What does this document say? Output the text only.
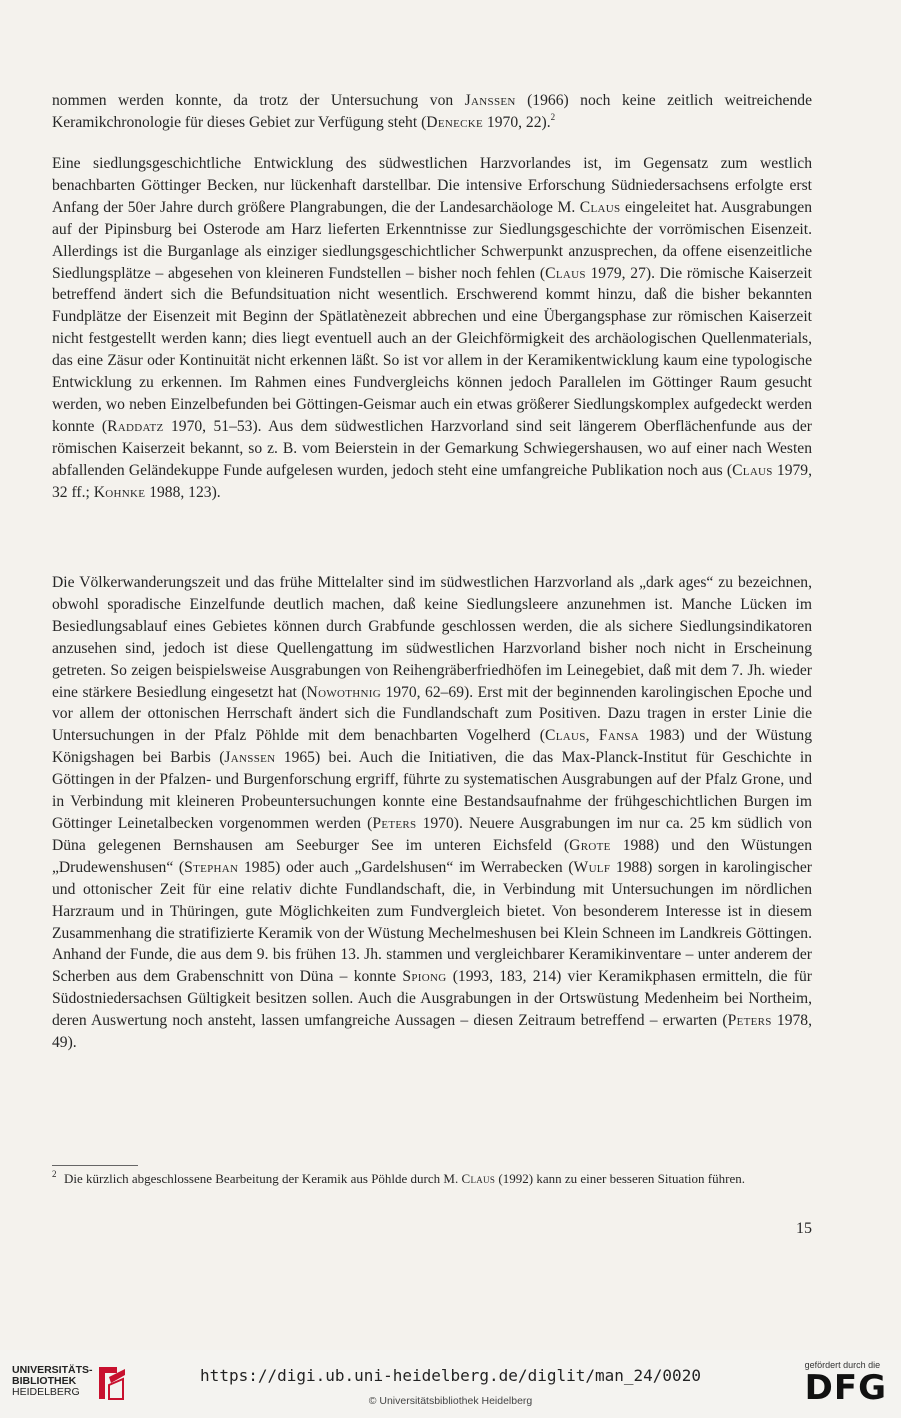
nommen werden konnte, da trotz der Untersuchung von Janssen (1966) noch keine zeitlich weitreichende Keramikchronologie für dieses Gebiet zur Verfügung steht (Denecke 1970, 22).$^2$
Eine siedlungsgeschichtliche Entwicklung des südwestlichen Harzvorlandes ist, im Gegensatz zum westlich benachbarten Göttinger Becken, nur lückenhaft darstellbar. Die intensive Erforschung Südniedersachsens erfolgte erst Anfang der 50er Jahre durch größere Plangrabungen, die der Landesarchäologe M. Claus eingeleitet hat. Ausgrabungen auf der Pipinsburg bei Osterode am Harz lieferten Erkenntnisse zur Siedlungsgeschichte der vorrömischen Eisenzeit. Allerdings ist die Burganlage als einziger siedlungsgeschichtlicher Schwerpunkt anzusprechen, da offene eisenzeitliche Siedlungsplätze – abgesehen von kleineren Fundstellen – bisher noch fehlen (Claus 1979, 27). Die römische Kaiserzeit betreffend ändert sich die Befundsituation nicht wesentlich. Erschwerend kommt hinzu, daß die bisher bekannten Fundplätze der Eisenzeit mit Beginn der Spätlatènezeit abbrechen und eine Übergangsphase zur römischen Kaiserzeit nicht festgestellt werden kann; dies liegt eventuell auch an der Gleichförmigkeit des archäologischen Quellenmaterials, das eine Zäsur oder Kontinuität nicht erkennen läßt. So ist vor allem in der Keramikentwicklung kaum eine typologische Entwicklung zu erkennen. Im Rahmen eines Fundvergleichs können jedoch Parallelen im Göttinger Raum gesucht werden, wo neben Einzelbefunden bei Göttingen-Geismar auch ein etwas größerer Siedlungskomplex aufgedeckt werden konnte (Raddatz 1970, 51–53). Aus dem südwestlichen Harzvorland sind seit längerem Oberflächenfunde aus der römischen Kaiserzeit bekannt, so z. B. vom Beierstein in der Gemarkung Schwiegershausen, wo auf einer nach Westen abfallenden Geländekuppe Funde aufgelesen wurden, jedoch steht eine umfangreiche Publikation noch aus (Claus 1979, 32 ff.; Kohnke 1988, 123).
Die Völkerwanderungszeit und das frühe Mittelalter sind im südwestlichen Harzvorland als „dark ages“ zu bezeichnen, obwohl sporadische Einzelfunde deutlich machen, daß keine Siedlungsleere anzunehmen ist. Manche Lücken im Besiedlungsablauf eines Gebietes können durch Grabfunde geschlossen werden, die als sichere Siedlungsindikatoren anzusehen sind, jedoch ist diese Quellengattung im südwestlichen Harzvorland bisher noch nicht in Erscheinung getreten. So zeigen beispielsweise Ausgrabungen von Reihengräberfriedhöfen im Leinegebiet, daß mit dem 7. Jh. wieder eine stärkere Besiedlung eingesetzt hat (Nowothnig 1970, 62–69). Erst mit der beginnenden karolingischen Epoche und vor allem der ottonischen Herrschaft ändert sich die Fundlandschaft zum Positiven. Dazu tragen in erster Linie die Untersuchungen in der Pfalz Pöhlde mit dem benachbarten Vogelherd (Claus, Fansa 1983) und der Wüstung Königshagen bei Barbis (Janssen 1965) bei. Auch die Initiativen, die das Max-Planck-Institut für Geschichte in Göttingen in der Pfalzen- und Burgenforschung ergriff, führte zu systematischen Ausgrabungen auf der Pfalz Grone, und in Verbindung mit kleineren Probeuntersuchungen konnte eine Bestandsaufnahme der frühgeschichtlichen Burgen im Göttinger Leinetalbecken vorgenommen werden (Peters 1970). Neuere Ausgrabungen im nur ca. 25 km südlich von Düna gelegenen Bernshausen am Seeburger See im unteren Eichsfeld (Grote 1988) und den Wüstungen „Drudewenshusen“ (Stephan 1985) oder auch „Gardelshusen“ im Werrabecken (Wulf 1988) sorgen in karolingischer und ottonischer Zeit für eine relativ dichte Fundlandschaft, die, in Verbindung mit Untersuchungen im nördlichen Harzraum und in Thüringen, gute Möglichkeiten zum Fundvergleich bietet. Von besonderem Interesse ist in diesem Zusammenhang die stratifizierte Keramik von der Wüstung Mechelmeshusen bei Klein Schneen im Landkreis Göttingen. Anhand der Funde, die aus dem 9. bis frühen 13. Jh. stammen und vergleichbarer Keramikinventare – unter anderem der Scherben aus dem Grabenschnitt von Düna – konnte Spiong (1993, 183, 214) vier Keramikphasen ermitteln, die für Südostniedersachsen Gültigkeit besitzen sollen. Auch die Ausgrabungen in der Ortswüstung Medenheim bei Northeim, deren Auswertung noch ansteht, lassen umfangreiche Aussagen – diesen Zeitraum betreffend – erwarten (Peters 1978, 49).
2 Die kürzlich abgeschlossene Bearbeitung der Keramik aus Pöhlde durch M. Claus (1992) kann zu einer besseren Situation führen.
15
UNIVERSITÄTS-
BIBLIOTHEK
HEIDELBERG
https://digi.ub.uni-heidelberg.de/diglit/man_24/0020
© Universitätsbibliothek Heidelberg
gefördert durch die
DFG
